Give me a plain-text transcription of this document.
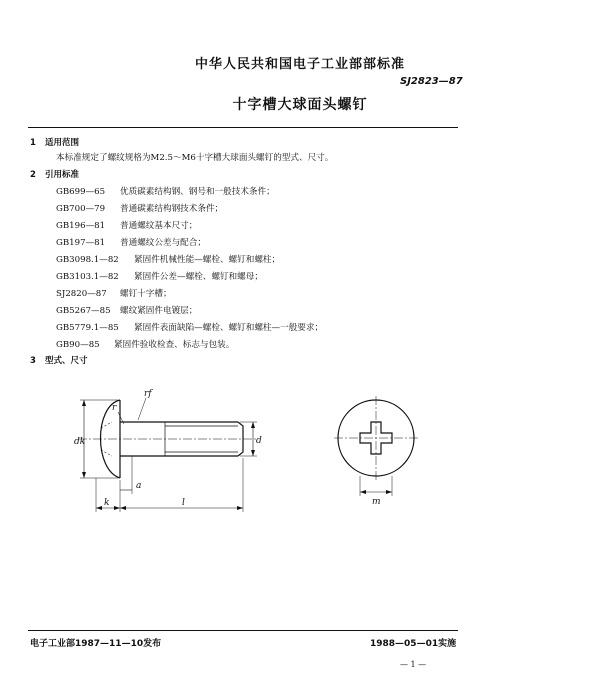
中华人民共和国电子工业部部标准
SJ2823—87
十字槽大球面头螺钉
1 适用范围
本标准规定了螺纹规格为M2.5～M6十字槽大球面头螺钉的型式、尺寸。
2 引用标准
GB699—65 优质碳素结构钢、钢号和一般技术条件；
GB700—79 普通碳素结构钢技术条件；
GB196—81 普通螺纹基本尺寸；
GB197—81 普通螺纹公差与配合；
GB3098.1—82 紧固件机械性能—螺栓、螺钉和螺柱；
GB3103.1—82 紧固件公差—螺栓、螺钉和螺母；
SJ2820—87 螺钉十字槽；
GB5267—85 螺纹紧固件电镀层；
GB5779.1—85 紧固件表面缺陷—螺栓、螺钉和螺柱—一般要求；
GB90—85 紧固件验收检查、标志与包装。
3 型式、尺寸
dk
r
rf
d
a
k	l	m
电子工业部1987—11—10发布	1988—05—01实施
— 1 —
